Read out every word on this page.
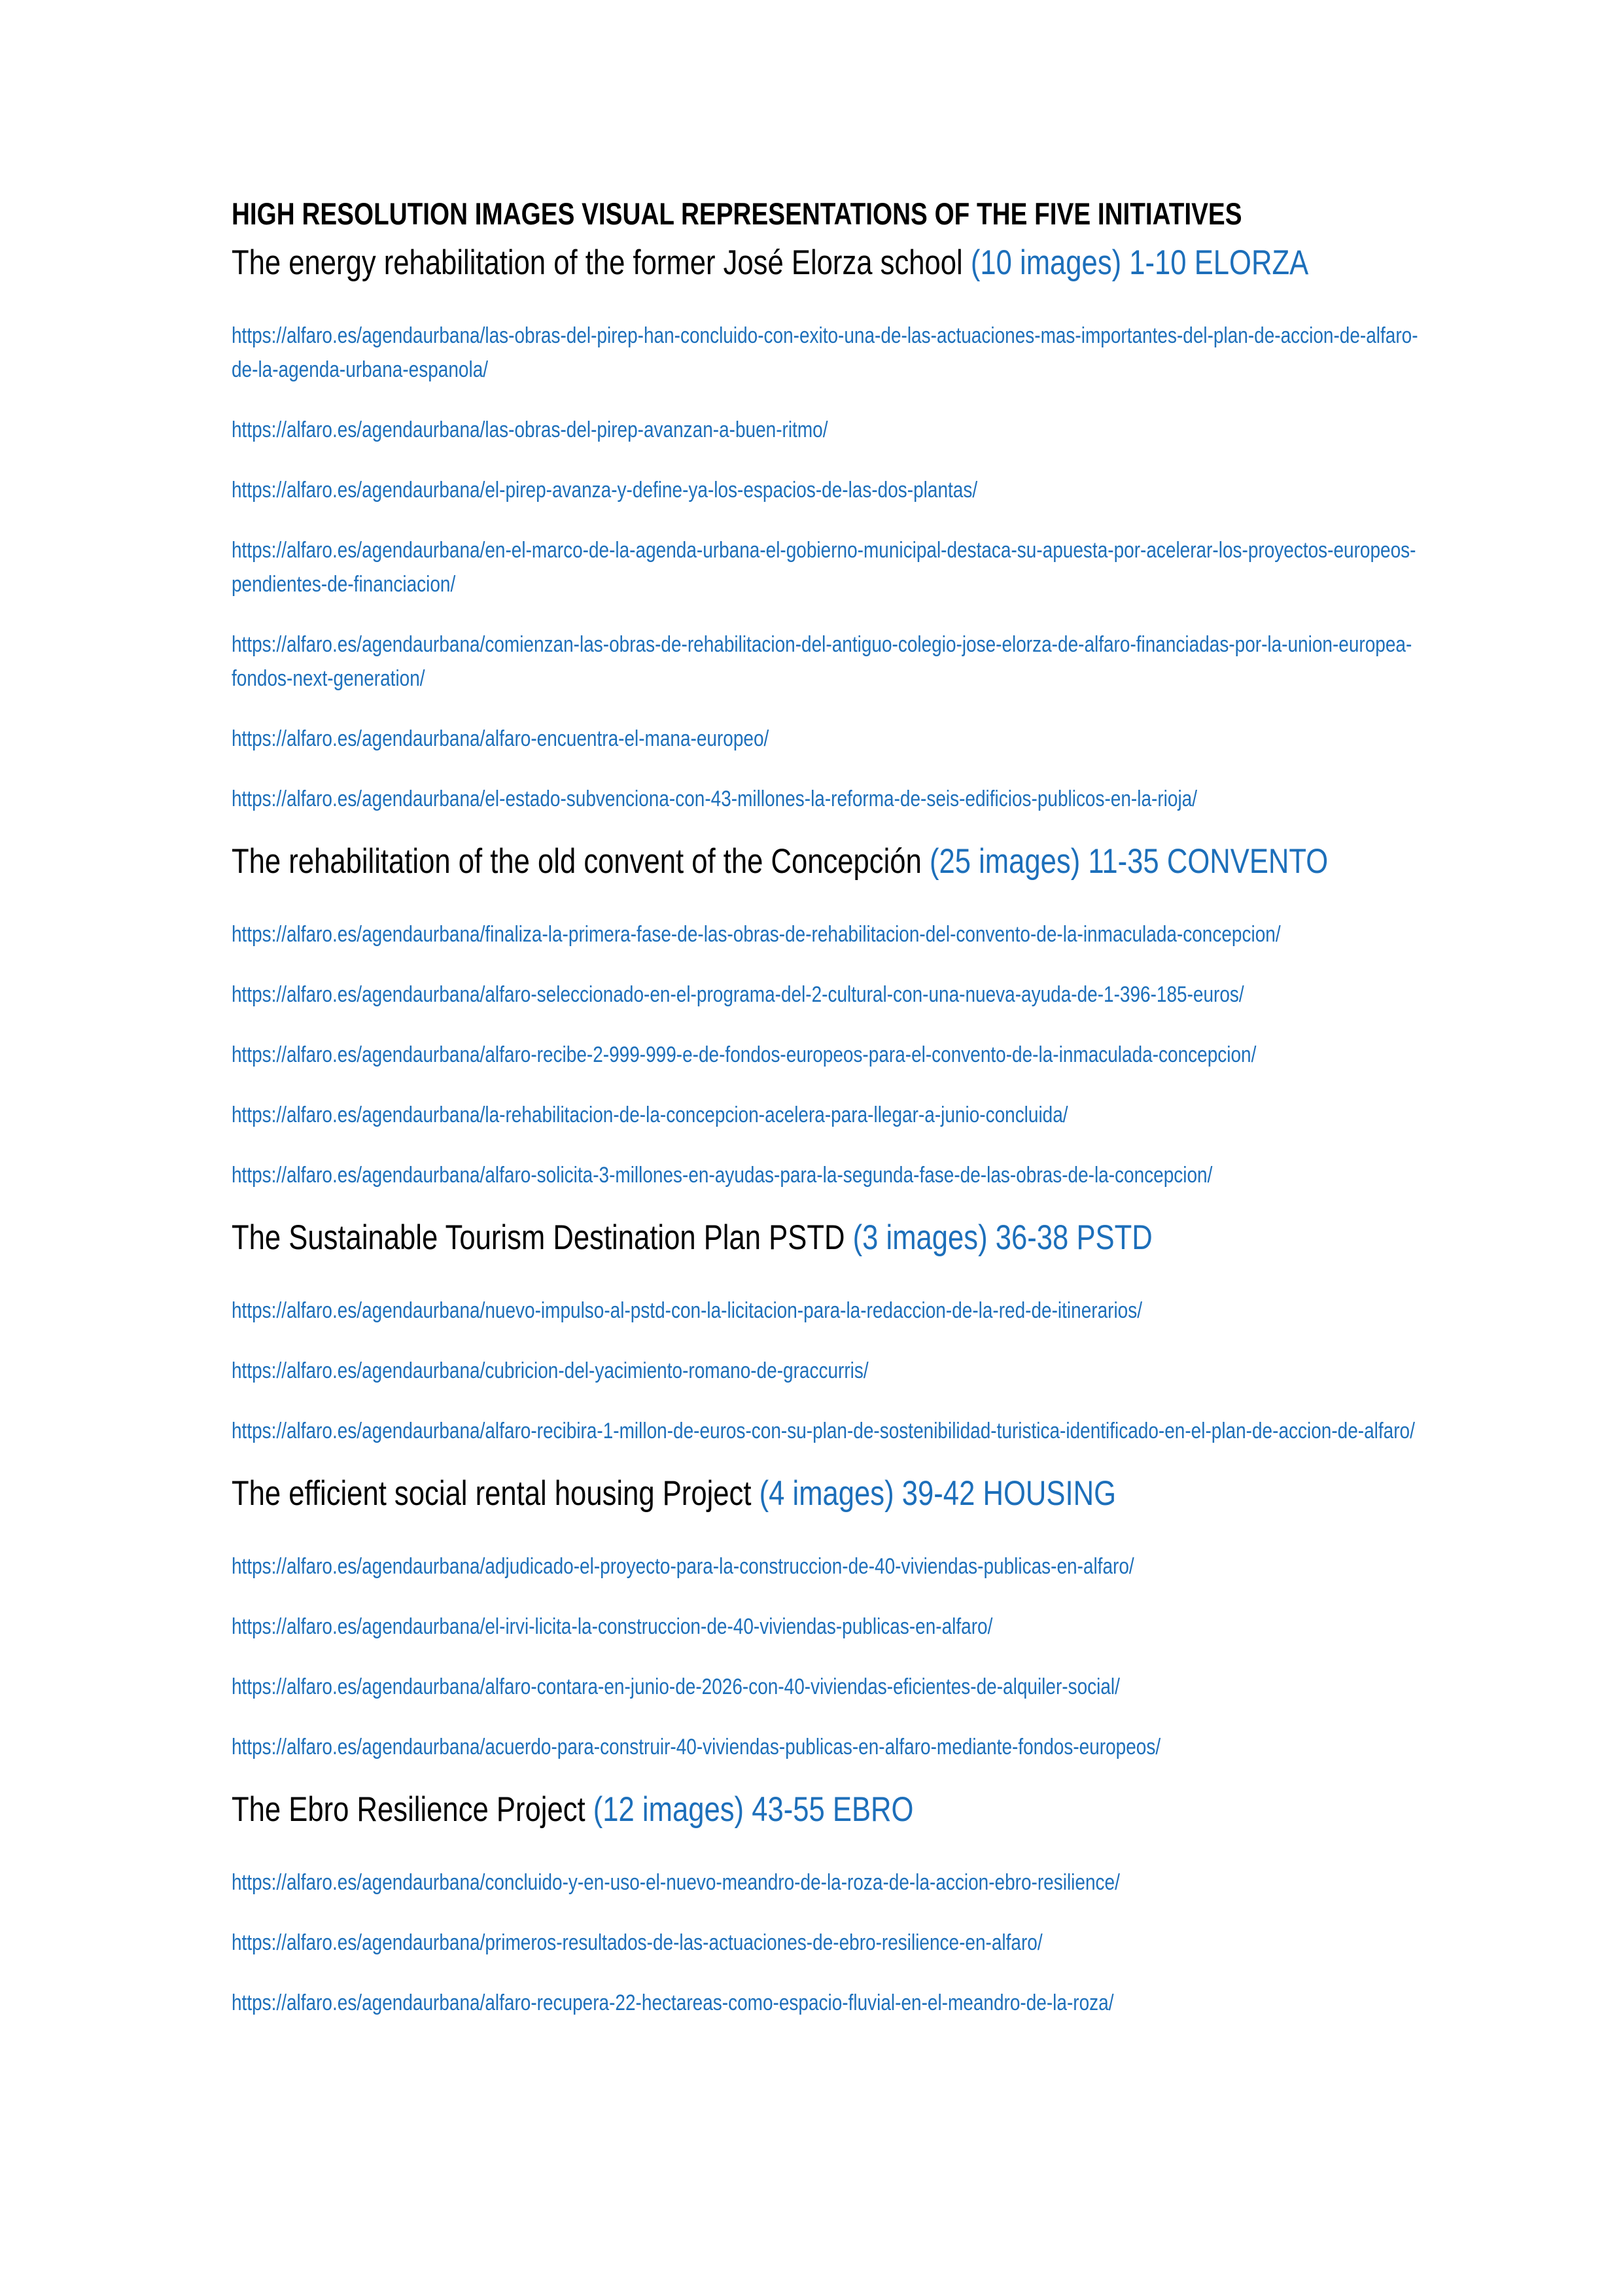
HIGH RESOLUTION IMAGES VISUAL REPRESENTATIONS OF THE FIVE INITIATIVES
The energy rehabilitation of the former José Elorza school (10 images) 1-10 ELORZA

https://alfaro.es/agendaurbana/las-obras-del-pirep-han-concluido-con-exito-una-de-las-actuaciones-mas-importantes-del-plan-de-accion-de-alfaro-de-la-agenda-urbana-espanola/

https://alfaro.es/agendaurbana/las-obras-del-pirep-avanzan-a-buen-ritmo/

https://alfaro.es/agendaurbana/el-pirep-avanza-y-define-ya-los-espacios-de-las-dos-plantas/

https://alfaro.es/agendaurbana/en-el-marco-de-la-agenda-urbana-el-gobierno-municipal-destaca-su-apuesta-por-acelerar-los-proyectos-europeos-pendientes-de-financiacion/

https://alfaro.es/agendaurbana/comienzan-las-obras-de-rehabilitacion-del-antiguo-colegio-jose-elorza-de-alfaro-financiadas-por-la-union-europea-fondos-next-generation/

https://alfaro.es/agendaurbana/alfaro-encuentra-el-mana-europeo/

https://alfaro.es/agendaurbana/el-estado-subvenciona-con-43-millones-la-reforma-de-seis-edificios-publicos-en-la-rioja/

The rehabilitation of the old convent of the Concepción (25 images) 11-35 CONVENTO

https://alfaro.es/agendaurbana/finaliza-la-primera-fase-de-las-obras-de-rehabilitacion-del-convento-de-la-inmaculada-concepcion/

https://alfaro.es/agendaurbana/alfaro-seleccionado-en-el-programa-del-2-cultural-con-una-nueva-ayuda-de-1-396-185-euros/

https://alfaro.es/agendaurbana/alfaro-recibe-2-999-999-e-de-fondos-europeos-para-el-convento-de-la-inmaculada-concepcion/

https://alfaro.es/agendaurbana/la-rehabilitacion-de-la-concepcion-acelera-para-llegar-a-junio-concluida/

https://alfaro.es/agendaurbana/alfaro-solicita-3-millones-en-ayudas-para-la-segunda-fase-de-las-obras-de-la-concepcion/

The Sustainable Tourism Destination Plan PSTD (3 images) 36-38 PSTD

https://alfaro.es/agendaurbana/nuevo-impulso-al-pstd-con-la-licitacion-para-la-redaccion-de-la-red-de-itinerarios/

https://alfaro.es/agendaurbana/cubricion-del-yacimiento-romano-de-graccurris/

https://alfaro.es/agendaurbana/alfaro-recibira-1-millon-de-euros-con-su-plan-de-sostenibilidad-turistica-identificado-en-el-plan-de-accion-de-alfaro/

The efficient social rental housing Project (4 images) 39-42 HOUSING

https://alfaro.es/agendaurbana/adjudicado-el-proyecto-para-la-construccion-de-40-viviendas-publicas-en-alfaro/

https://alfaro.es/agendaurbana/el-irvi-licita-la-construccion-de-40-viviendas-publicas-en-alfaro/

https://alfaro.es/agendaurbana/alfaro-contara-en-junio-de-2026-con-40-viviendas-eficientes-de-alquiler-social/

https://alfaro.es/agendaurbana/acuerdo-para-construir-40-viviendas-publicas-en-alfaro-mediante-fondos-europeos/

The Ebro Resilience Project (12 images) 43-55 EBRO

https://alfaro.es/agendaurbana/concluido-y-en-uso-el-nuevo-meandro-de-la-roza-de-la-accion-ebro-resilience/

https://alfaro.es/agendaurbana/primeros-resultados-de-las-actuaciones-de-ebro-resilience-en-alfaro/

https://alfaro.es/agendaurbana/alfaro-recupera-22-hectareas-como-espacio-fluvial-en-el-meandro-de-la-roza/
